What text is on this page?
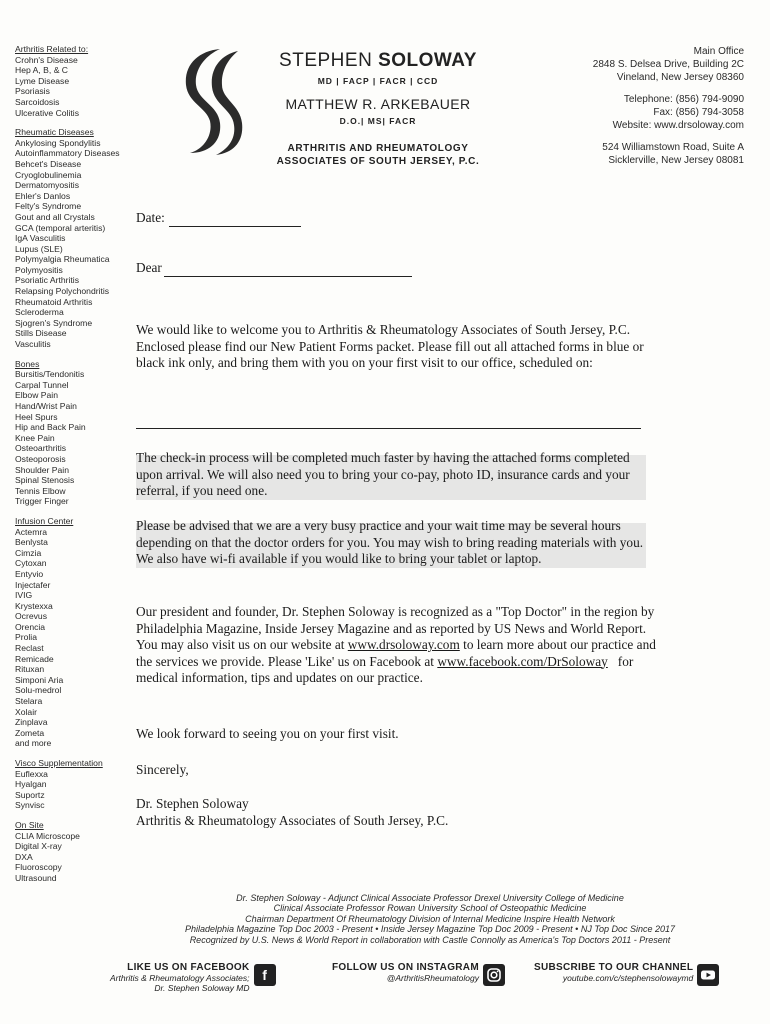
Arthritis Related to:
Crohn's Disease
Hep A, B, & C
Lyme Disease
Psoriasis
Sarcoidosis
Ulcerative Colitis
Rheumatic Diseases
Ankylosing Spondylitis
Autoinflammatory Diseases
Behcet's Disease
Cryoglobulinemia
Dermatomyositis
Ehler's Danlos
Felty's Syndrome
Gout and all Crystals
GCA (temporal arteritis)
IgA Vasculitis
Lupus (SLE)
Polymyalgia Rheumatica
Polymyositis
Psoriatic Arthritis
Relapsing Polychondritis
Rheumatoid Arthritis
Scleroderma
Sjogren's Syndrome
Stills Disease
Vasculitis
Bones
Bursitis/Tendonitis
Carpal Tunnel
Elbow Pain
Hand/Wrist Pain
Heel Spurs
Hip and Back Pain
Knee Pain
Osteoarthritis
Osteoporosis
Shoulder Pain
Spinal Stenosis
Tennis Elbow
Trigger Finger
Infusion Center
Actemra
Benlysta
Cimzia
Cytoxan
Entyvio
Injectafer
IVIG
Krystexxa
Ocrevus
Orencia
Prolia
Reclast
Remicade
Rituxan
Simponi Aria
Solu-medrol
Stelara
Xolair
Zinplava
Zometa
and more
Visco Supplementation
Euflexxa
Hyalgan
Suportz
Synvisc
On Site
CLIA Microscope
Digital X-ray
DXA
Fluoroscopy
Ultrasound
STEPHEN SOLOWAY
MD | FACP | FACR | CCD
MATTHEW R. ARKEBAUER
D.O.| MS| FACR
ARTHRITIS AND RHEUMATOLOGY
ASSOCIATES OF SOUTH JERSEY, P.C.
Main Office
2848 S. Delsea Drive, Building 2C
Vineland, New Jersey 08360
Telephone: (856) 794-9090
Fax: (856) 794-3058
Website: www.drsoloway.com
524 Williamstown Road, Suite A
Sicklerville, New Jersey 08081
Date:
Dear

We would like to welcome you to Arthritis & Rheumatology Associates of South Jersey, P.C. Enclosed please find our New Patient Forms packet. Please fill out all attached forms in blue or black ink only, and bring them with you on your first visit to our office, scheduled on:

The check-in process will be completed much faster by having the attached forms completed upon arrival. We will also need you to bring your co-pay, photo ID, insurance cards and your referral, if you need one.

Please be advised that we are a very busy practice and your wait time may be several hours depending on that the doctor orders for you. You may wish to bring reading materials with you. We also have wi-fi available if you would like to bring your tablet or laptop.

Our president and founder, Dr. Stephen Soloway is recognized as a "Top Doctor" in the region by Philadelphia Magazine, Inside Jersey Magazine and as reported by US News and World Report. You may also visit us on our website at www.drsoloway.com to learn more about our practice and the services we provide. Please 'Like' us on Facebook at www.facebook.com/DrSoloway for medical information, tips and updates on our practice.

We look forward to seeing you on your first visit.
Sincerely,
Dr. Stephen Soloway
Arthritis & Rheumatology Associates of South Jersey, P.C.
Dr. Stephen Soloway - Adjunct Clinical Associate Professor Drexel University College of Medicine
Clinical Associate Professor Rowan University School of Osteopathic Medicine
Chairman Department Of Rheumatology Division of Internal Medicine Inspire Health Network
Philadelphia Magazine Top Doc 2003 - Present • Inside Jersey Magazine Top Doc 2009 - Present • NJ Top Doc Since 2017
Recognized by U.S. News & World Report in collaboration with Castle Connolly as America's Top Doctors 2011 - Present
LIKE US ON FACEBOOK
Arthritis & Rheumatology Associates;
Dr. Stephen Soloway MD
f	FOLLOW US ON INSTAGRAM
@ArthritisRheumatology
SUBSCRIBE TO OUR CHANNEL
youtube.com/c/stephensolowaymd
